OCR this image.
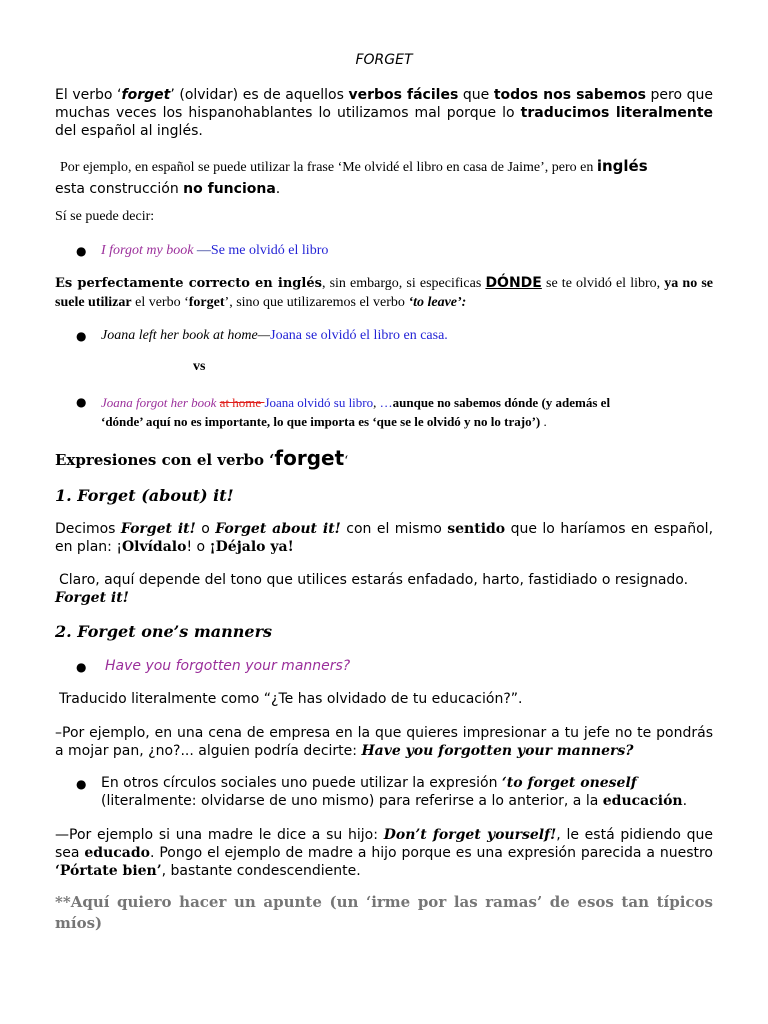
FORGET

El verbo ‘forget’ (olvidar) es de aquellos verbos fáciles que todos nos sabemos pero que muchas veces los hispanohablantes lo utilizamos mal porque lo traducimos literalmente del español al inglés.

Por ejemplo, en español se puede utilizar la frase ‘Me olvidé el libro en casa de Jaime’, pero en inglés
esta construcción no funciona.

Sí se puede decir:

● I forgot my book —Se me olvidó el libro

Es perfectamente correcto en inglés, sin embargo, si especificas DÓNDE se te olvidó el libro, ya no se suele utilizar el verbo ‘forget’, sino que utilizaremos el verbo ‘to leave’:

● Joana left her book at home—Joana se olvidó el libro en casa.

vs
● Joana forgot her book at home Joana olvidó su libro, …aunque no sabemos dónde (y además el
‘dónde’ aquí no es importante, lo que importa es ‘que se le olvidó y no lo trajo’) .

Expresiones con el verbo ‘forget‘
1. Forget (about) it!

Decimos Forget it! o Forget about it! con el mismo sentido que lo haríamos en español, en plan: ¡Olvídalo! o ¡Déjalo ya!

Claro, aquí depende del tono que utilices estarás enfadado, harto, fastidiado o resignado.
Forget it!

2. Forget one’s manners
● Have you forgotten your manners?

Traducido literalmente como “¿Te has olvidado de tu educación?”.

–Por ejemplo, en una cena de empresa en la que quieres impresionar a tu jefe no te pondrás a mojar pan, ¿no?... alguien podría decirte: Have you forgotten your manners?

● En otros círculos sociales uno puede utilizar la expresión ‘to forget oneself
(literalmente: olvidarse de uno mismo) para referirse a lo anterior, a la educación.

—Por ejemplo si una madre le dice a su hijo: Don’t forget yourself!, le está pidiendo que sea educado. Pongo el ejemplo de madre a hijo porque es una expresión parecida a nuestro ‘Pórtate bien’, bastante condescendiente.

**Aquí quiero hacer un apunte (un ‘irme por las ramas’ de esos tan típicos míos)
